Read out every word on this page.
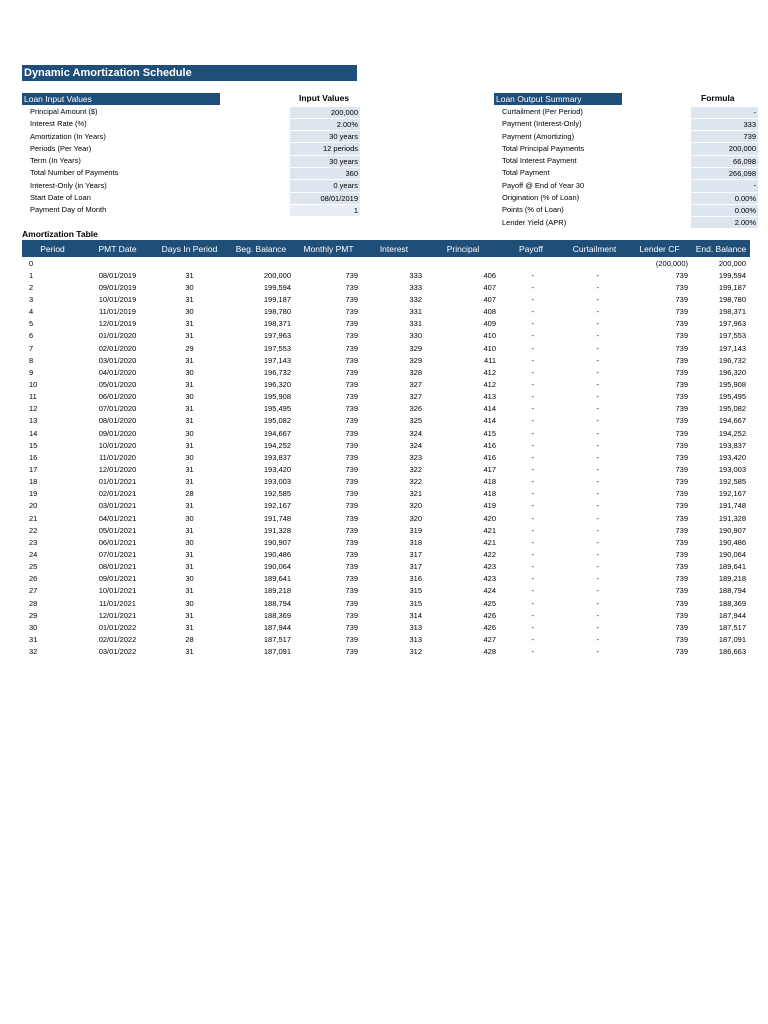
Dynamic Amortization Schedule
Loan Input Values	Input Values
Principal Amount ($)	200,000
Interest Rate (%)	2.00%
Amortization (In Years)	30 years
Periods (Per Year)	12 periods
Term (In Years)	30 years
Total Number of Payments	360
Interest-Only (in Years)	0 years
Start Date of Loan	08/01/2019
Payment Day of Month	1
Loan Output Summary	Formula
Curtailment (Per Period)	-
Payment (Interest-Only)	333
Payment (Amortizing)	739
Total Principal Payments	200,000
Total Interest Payment	66,098
Total Payment	266,098
Payoff @ End of Year 30	-
Origination (% of Loan)	0.00%
Points (% of Loan)	0.00%
Lender Yield (APR)	2.00%
Amortization Table
Period	PMT Date	Days In Period	Beg. Balance	Monthly PMT	Interest	Principal	Payoff	Curtailment	Lender CF	End. Balance
0									(200,000)	200,000
1	08/01/2019	31	200,000	739	333	406	-	-	739	199,594
2	09/01/2019	30	199,594	739	333	407	-	-	739	199,187
3	10/01/2019	31	199,187	739	332	407	-	-	739	198,780
4	11/01/2019	30	198,780	739	331	408	-	-	739	198,371
5	12/01/2019	31	198,371	739	331	409	-	-	739	197,963
6	01/01/2020	31	197,963	739	330	410	-	-	739	197,553
7	02/01/2020	29	197,553	739	329	410	-	-	739	197,143
8	03/01/2020	31	197,143	739	329	411	-	-	739	196,732
9	04/01/2020	30	196,732	739	328	412	-	-	739	196,320
10	05/01/2020	31	196,320	739	327	412	-	-	739	195,908
11	06/01/2020	30	195,908	739	327	413	-	-	739	195,495
12	07/01/2020	31	195,495	739	326	414	-	-	739	195,082
13	08/01/2020	31	195,082	739	325	414	-	-	739	194,667
14	09/01/2020	30	194,667	739	324	415	-	-	739	194,252
15	10/01/2020	31	194,252	739	324	416	-	-	739	193,837
16	11/01/2020	30	193,837	739	323	416	-	-	739	193,420
17	12/01/2020	31	193,420	739	322	417	-	-	739	193,003
18	01/01/2021	31	193,003	739	322	418	-	-	739	192,585
19	02/01/2021	28	192,585	739	321	418	-	-	739	192,167
20	03/01/2021	31	192,167	739	320	419	-	-	739	191,748
21	04/01/2021	30	191,748	739	320	420	-	-	739	191,328
22	05/01/2021	31	191,328	739	319	421	-	-	739	190,907
23	06/01/2021	30	190,907	739	318	421	-	-	739	190,486
24	07/01/2021	31	190,486	739	317	422	-	-	739	190,064
25	08/01/2021	31	190,064	739	317	423	-	-	739	189,641
26	09/01/2021	30	189,641	739	316	423	-	-	739	189,218
27	10/01/2021	31	189,218	739	315	424	-	-	739	188,794
28	11/01/2021	30	188,794	739	315	425	-	-	739	188,369
29	12/01/2021	31	188,369	739	314	426	-	-	739	187,944
30	01/01/2022	31	187,944	739	313	426	-	-	739	187,517
31	02/01/2022	28	187,517	739	313	427	-	-	739	187,091
32	03/01/2022	31	187,091	739	312	428	-	-	739	186,663
